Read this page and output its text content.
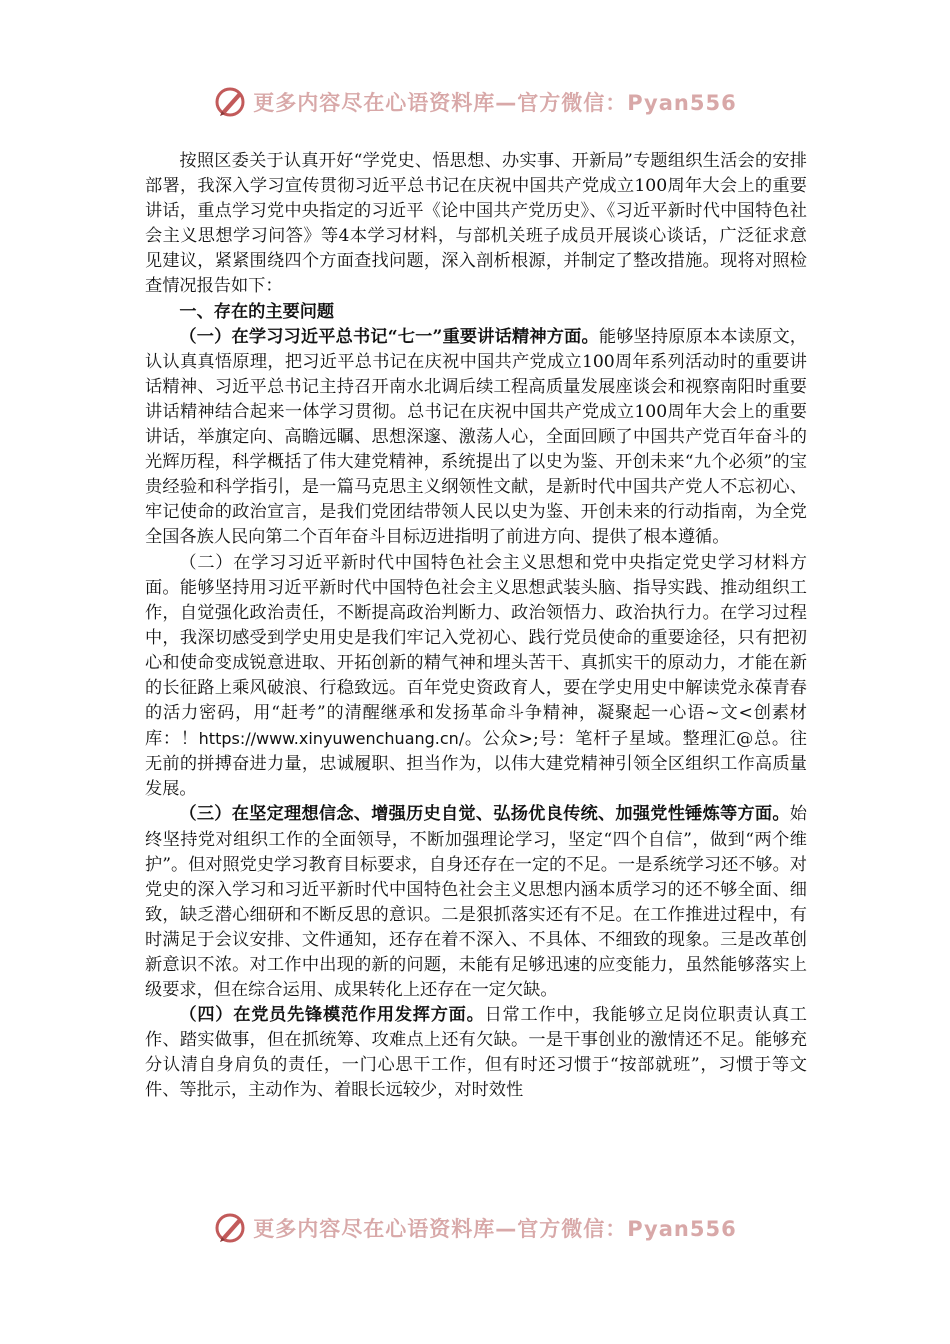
更多内容尽在心语资料库—官方微信：Pyan556

按照区委关于认真开好“学党史、悟思想、办实事、开新局”专题组织生活会的安排部署，我深入学习宣传贯彻习近平总书记在庆祝中国共产党成立100周年大会上的重要讲话，重点学习党中央指定的习近平《论中国共产党历史》、《习近平新时代中国特色社会主义思想学习问答》等4本学习材料，与部机关班子成员开展谈心谈话，广泛征求意见建议，紧紧围绕四个方面查找问题，深入剖析根源，并制定了整改措施。现将对照检查情况报告如下：

一、存在的主要问题

（一）在学习习近平总书记“七一”重要讲话精神方面。能够坚持原原本本读原文，认认真真悟原理，把习近平总书记在庆祝中国共产党成立100周年系列活动时的重要讲话精神、习近平总书记主持召开南水北调后续工程高质量发展座谈会和视察南阳时重要讲话精神结合起来一体学习贯彻。总书记在庆祝中国共产党成立100周年大会上的重要讲话，举旗定向、高瞻远瞩、思想深邃、激荡人心，全面回顾了中国共产党百年奋斗的光辉历程，科学概括了伟大建党精神，系统提出了以史为鉴、开创未来“九个必须”的宝贵经验和科学指引，是一篇马克思主义纲领性文献，是新时代中国共产党人不忘初心、牢记使命的政治宣言，是我们党团结带领人民以史为鉴、开创未来的行动指南，为全党全国各族人民向第二个百年奋斗目标迈进指明了前进方向、提供了根本遵循。

（二）在学习习近平新时代中国特色社会主义思想和党中央指定党史学习材料方面。能够坚持用习近平新时代中国特色社会主义思想武装头脑、指导实践、推动组织工作，自觉强化政治责任，不断提高政治判断力、政治领悟力、政治执行力。在学习过程中，我深切感受到学史用史是我们牢记入党初心、践行党员使命的重要途径，只有把初心和使命变成锐意进取、开拓创新的精气神和埋头苦干、真抓实干的原动力，才能在新的长征路上乘风破浪、行稳致远。百年党史资政育人，要在学史用史中解读党永葆青春的活力密码，用“赶考”的清醒继承和发扬革命斗争精神，凝聚起一心语~文<创素材库：！https://www.xinyuwenchuang.cn/。公众>;号：笔杆子星域。整理汇@总。往无前的拼搏奋进力量，忠诚履职、担当作为，以伟大建党精神引领全区组织工作高质量发展。

（三）在坚定理想信念、增强历史自觉、弘扬优良传统、加强党性锤炼等方面。始终坚持党对组织工作的全面领导，不断加强理论学习，坚定“四个自信”，做到“两个维护”。但对照党史学习教育目标要求，自身还存在一定的不足。一是系统学习还不够。对党史的深入学习和习近平新时代中国特色社会主义思想内涵本质学习的还不够全面、细致，缺乏潜心细研和不断反思的意识。二是狠抓落实还有不足。在工作推进过程中，有时满足于会议安排、文件通知，还存在着不深入、不具体、不细致的现象。三是改革创新意识不浓。对工作中出现的新的问题，未能有足够迅速的应变能力，虽然能够落实上级要求，但在综合运用、成果转化上还存在一定欠缺。

（四）在党员先锋模范作用发挥方面。日常工作中，我能够立足岗位职责认真工作、踏实做事，但在抓统筹、攻难点上还有欠缺。一是干事创业的激情还不足。能够充分认清自身肩负的责任，一门心思干工作，但有时还习惯于“按部就班”，习惯于等文件、等批示，主动作为、着眼长远较少，对时效性

更多内容尽在心语资料库—官方微信：Pyan556
